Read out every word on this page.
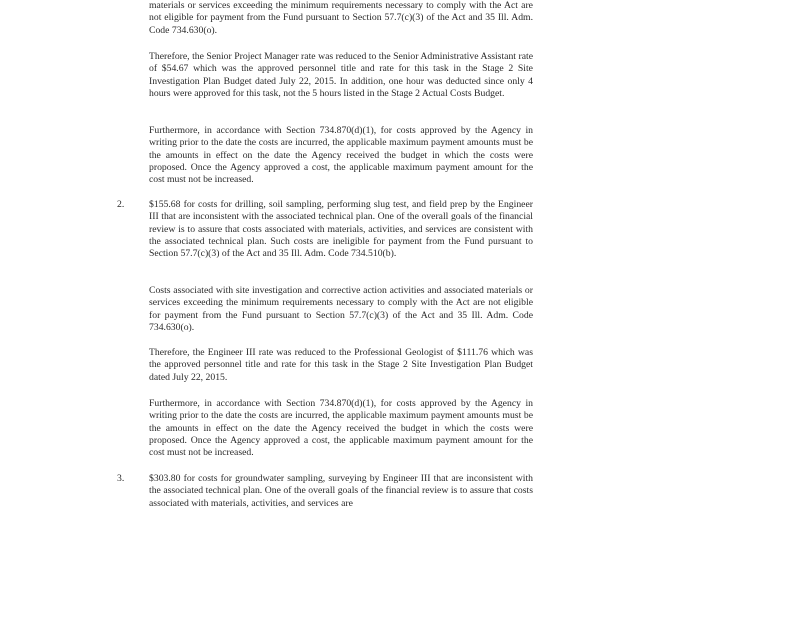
materials or services exceeding the minimum requirements necessary to comply with the Act are not eligible for payment from the Fund pursuant to Section 57.7(c)(3) of the Act and 35 Ill. Adm. Code 734.630(o).

Therefore, the Senior Project Manager rate was reduced to the Senior Administrative Assistant rate of $54.67 which was the approved personnel title and rate for this task in the Stage 2 Site Investigation Plan Budget dated July 22, 2015. In addition, one hour was deducted since only 4 hours were approved for this task, not the 5 hours listed in the Stage 2 Actual Costs Budget.

Furthermore, in accordance with Section 734.870(d)(1), for costs approved by the Agency in writing prior to the date the costs are incurred, the applicable maximum payment amounts must be the amounts in effect on the date the Agency received the budget in which the costs were proposed. Once the Agency approved a cost, the applicable maximum payment amount for the cost must not be increased.

2.	$155.68 for costs for drilling, soil sampling, performing slug test, and field prep by the Engineer III that are inconsistent with the associated technical plan. One of the overall goals of the financial review is to assure that costs associated with materials, activities, and services are consistent with the associated technical plan. Such costs are ineligible for payment from the Fund pursuant to Section 57.7(c)(3) of the Act and 35 Ill. Adm. Code 734.510(b).

Costs associated with site investigation and corrective action activities and associated materials or services exceeding the minimum requirements necessary to comply with the Act are not eligible for payment from the Fund pursuant to Section 57.7(c)(3) of the Act and 35 Ill. Adm. Code 734.630(o).

Therefore, the Engineer III rate was reduced to the Professional Geologist of $111.76 which was the approved personnel title and rate for this task in the Stage 2 Site Investigation Plan Budget dated July 22, 2015.

Furthermore, in accordance with Section 734.870(d)(1), for costs approved by the Agency in writing prior to the date the costs are incurred, the applicable maximum payment amounts must be the amounts in effect on the date the Agency received the budget in which the costs were proposed. Once the Agency approved a cost, the applicable maximum payment amount for the cost must not be increased.

3.	$303.80 for costs for groundwater sampling, surveying by Engineer III that are inconsistent with the associated technical plan. One of the overall goals of the financial review is to assure that costs associated with materials, activities, and services are
